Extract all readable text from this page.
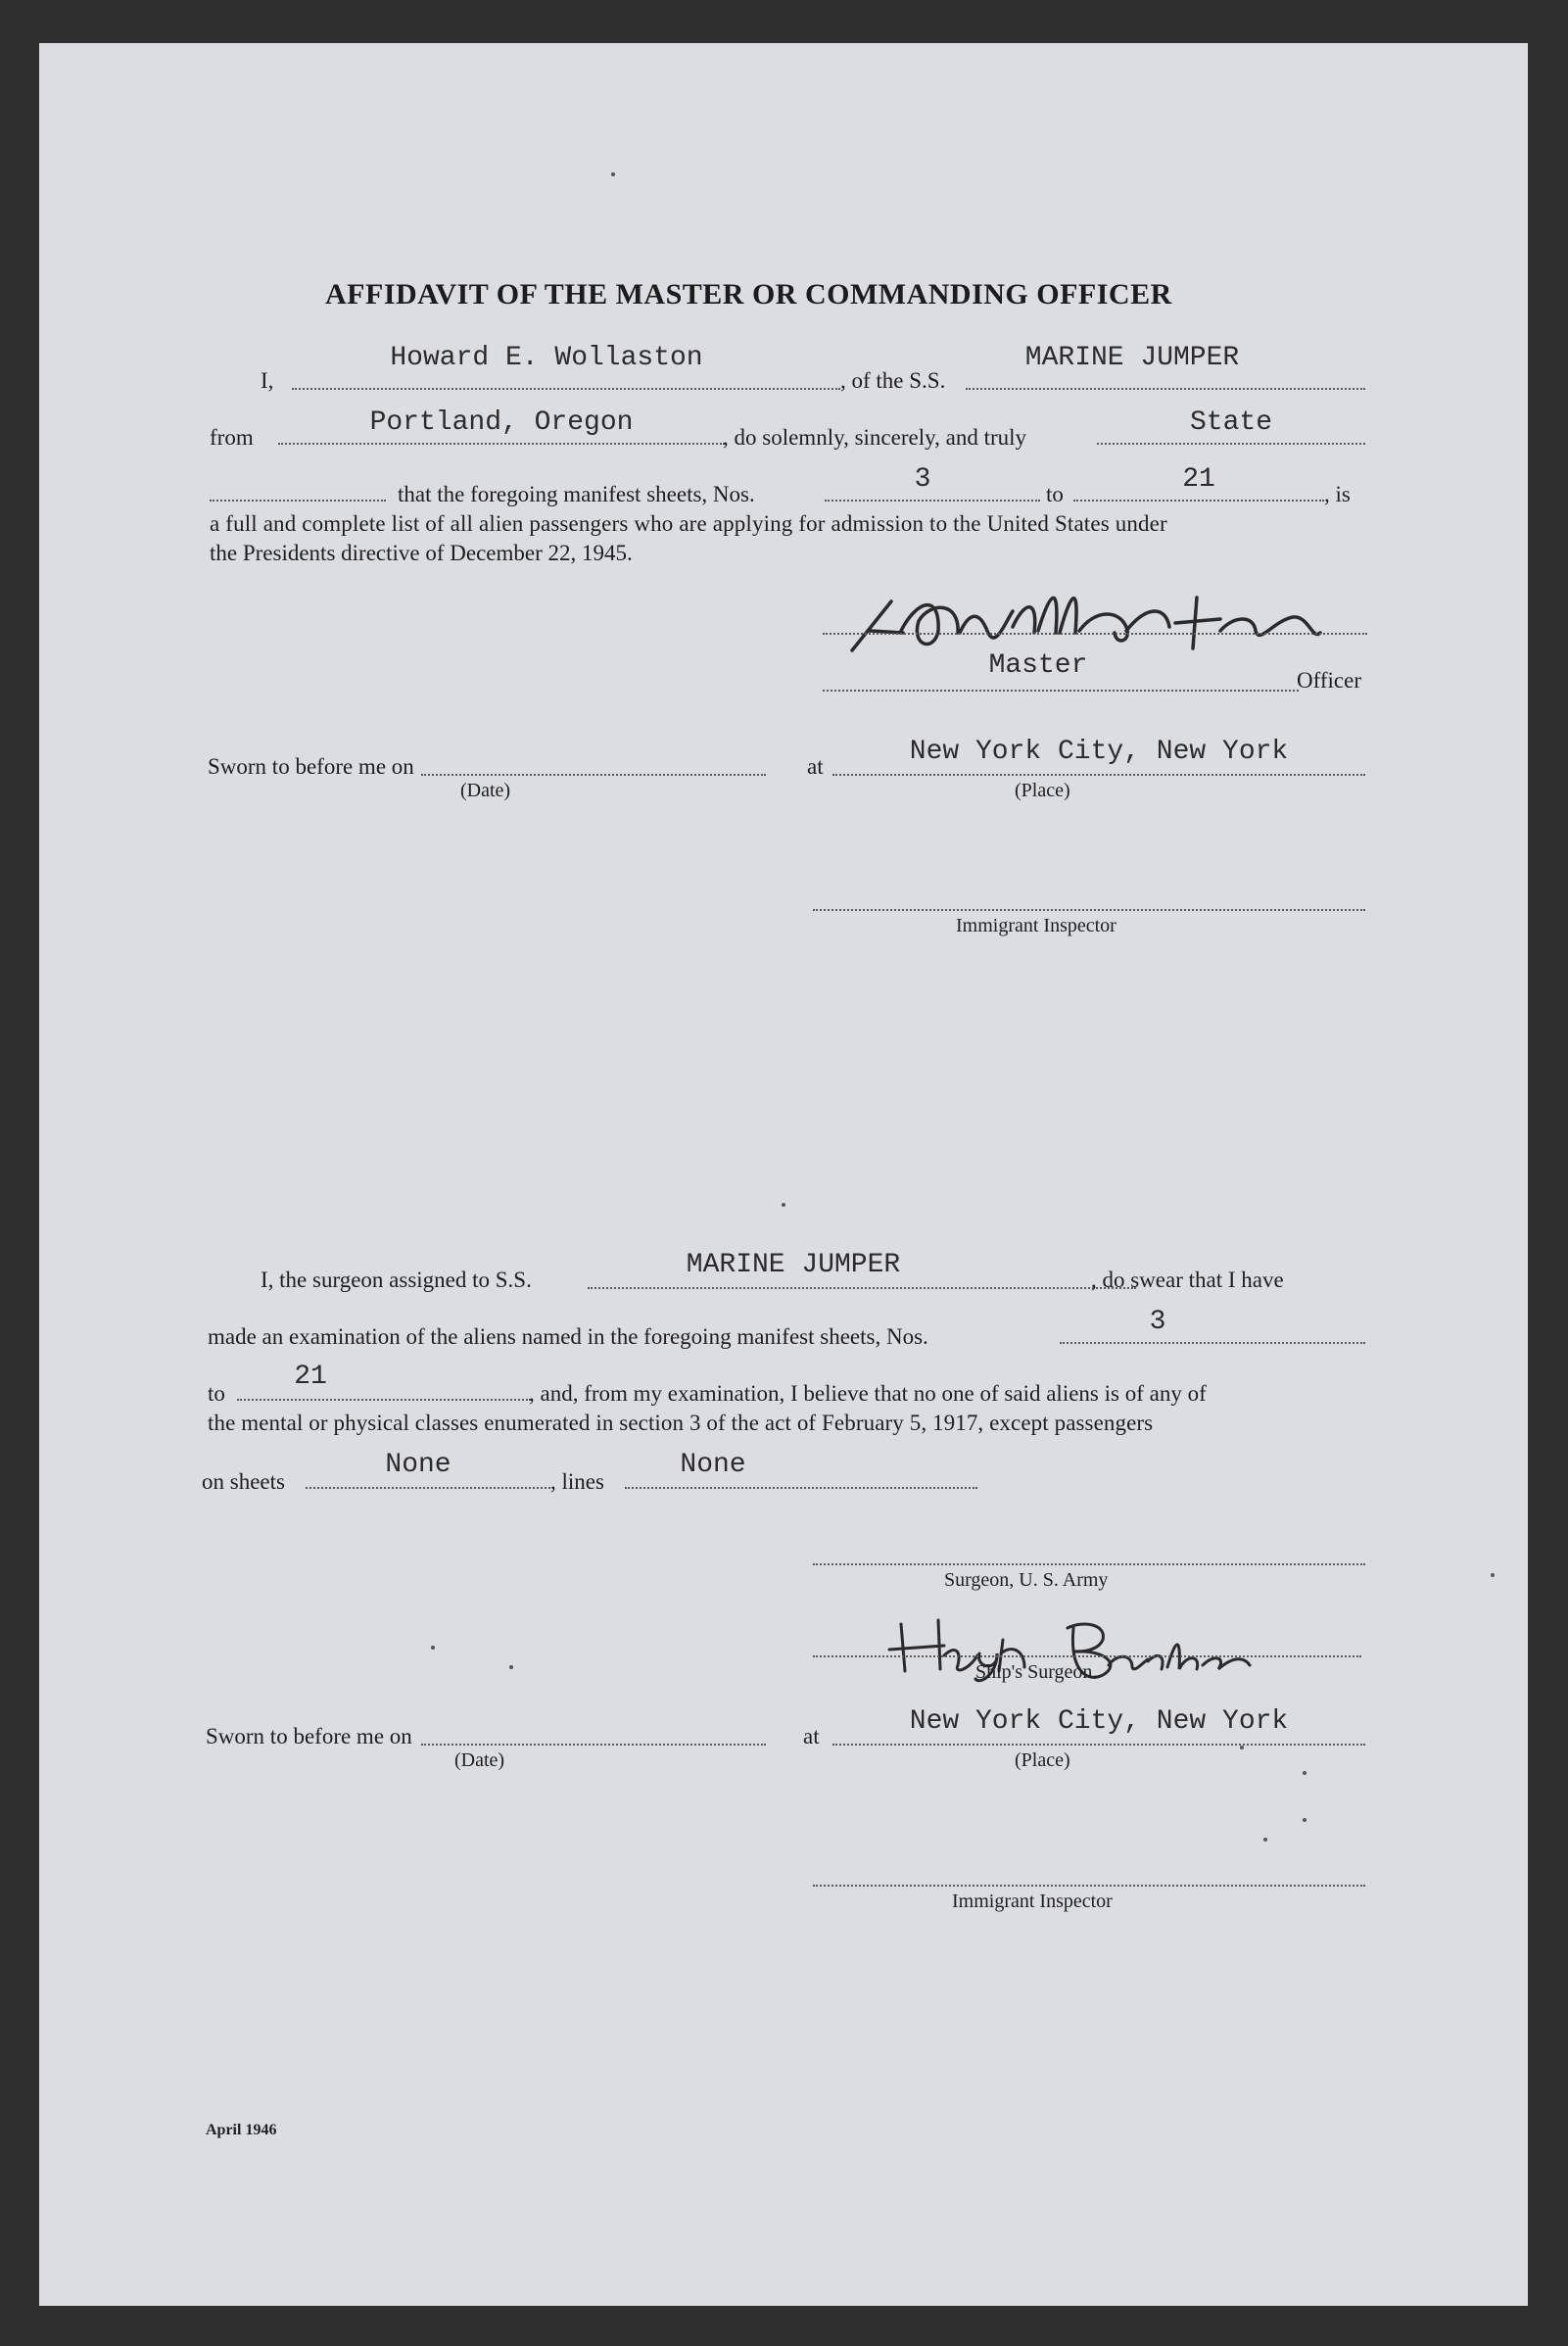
AFFIDAVIT OF THE MASTER OR COMMANDING OFFICER
I,
Howard E. Wollaston
, of the S.S.
MARINE JUMPER
from	Portland, Oregon	, do solemnly, sincerely, and truly	State
that the foregoing manifest sheets, Nos.	3	to	21	, is
a full and complete list of all alien passengers who are applying for admission to the United States under
the Presidents directive of December 22, 1945.
Master	Officer
Sworn to before me on
(Date)
at	New York City, New York
(Place)
Immigrant Inspector
I, the surgeon assigned to S.S.	MARINE JUMPER	, do swear that I have
made an examination of the aliens named in the foregoing manifest sheets, Nos.	3
to
21
, and, from my examination, I believe that no one of said aliens is of any of
the mental or physical classes enumerated in section 3 of the act of February 5, 1917, except passengers
on sheets
None
, lines
None
Surgeon, U. S. Army
Ship's Surgeon.
Sworn to before me on
(Date)
at	New York City, New York
(Place)
Immigrant Inspector
April 1946
